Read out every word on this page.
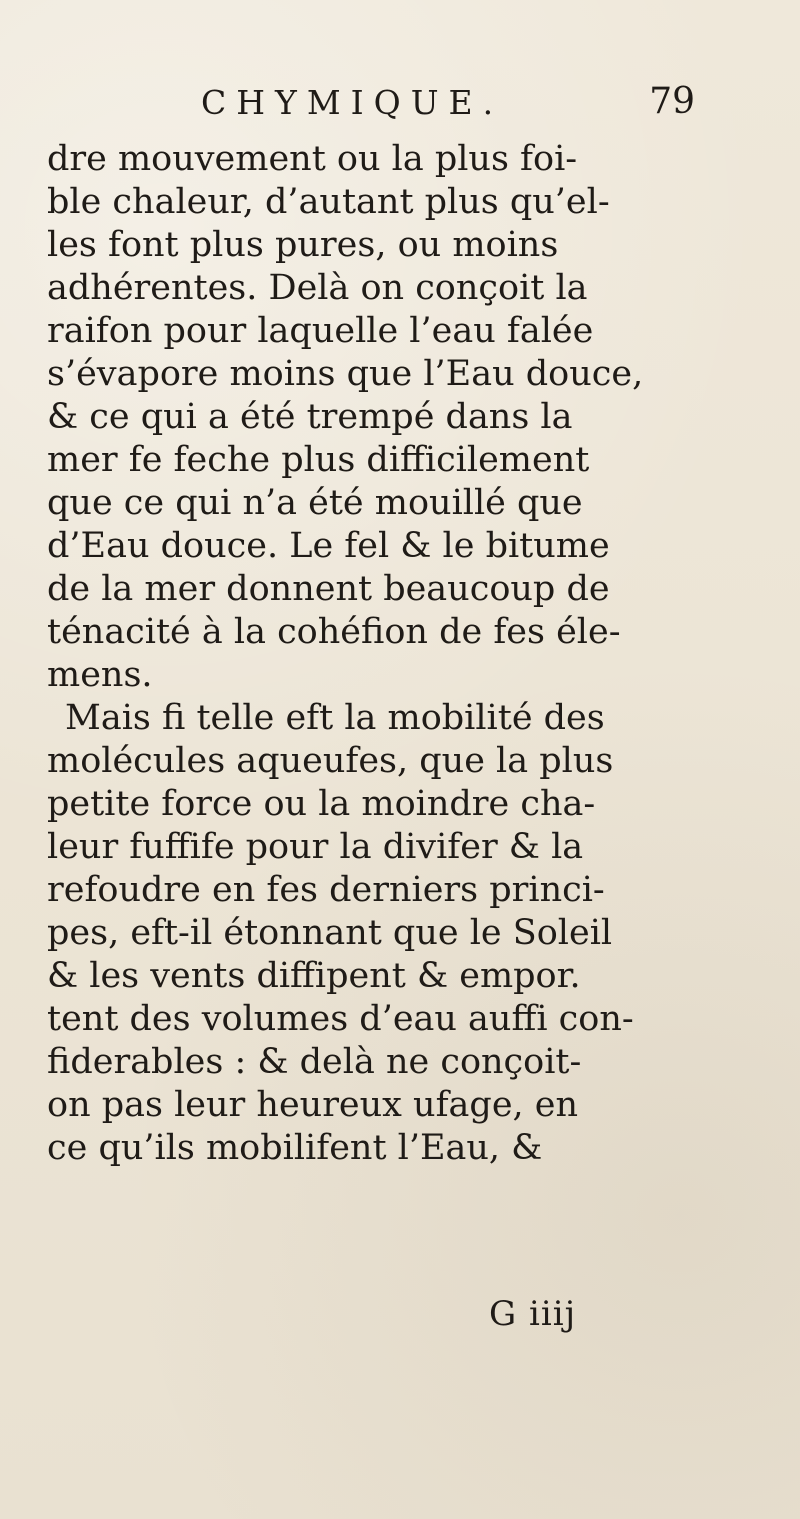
CHYMIQUE.	79
dre mouvement ou la plus foi-
ble chaleur, d’autant plus qu’el-
les font plus pures, ou moins
adhérentes. Delà on conçoit la
raifon pour laquelle l’eau falée
s’évapore moins que l’Eau douce,
& ce qui a été trempé dans la
mer fe feche plus difficilement
que ce qui n’a été mouillé que
d’Eau douce. Le fel & le bitume
de la mer donnent beaucoup de
ténacité à la cohéfion de fes éle-
mens.
Mais fi telle eft la mobilité des
molécules aqueufes, que la plus
petite force ou la moindre cha-
leur fuffife pour la divifer & la
refoudre en fes derniers princi-
pes, eft-il étonnant que le Soleil
& les vents diffipent & empor.
tent des volumes d’eau auffi con-
fiderables : & delà ne conçoit-
on pas leur heureux ufage, en
ce qu’ils mobilifent l’Eau, &
G iiij
